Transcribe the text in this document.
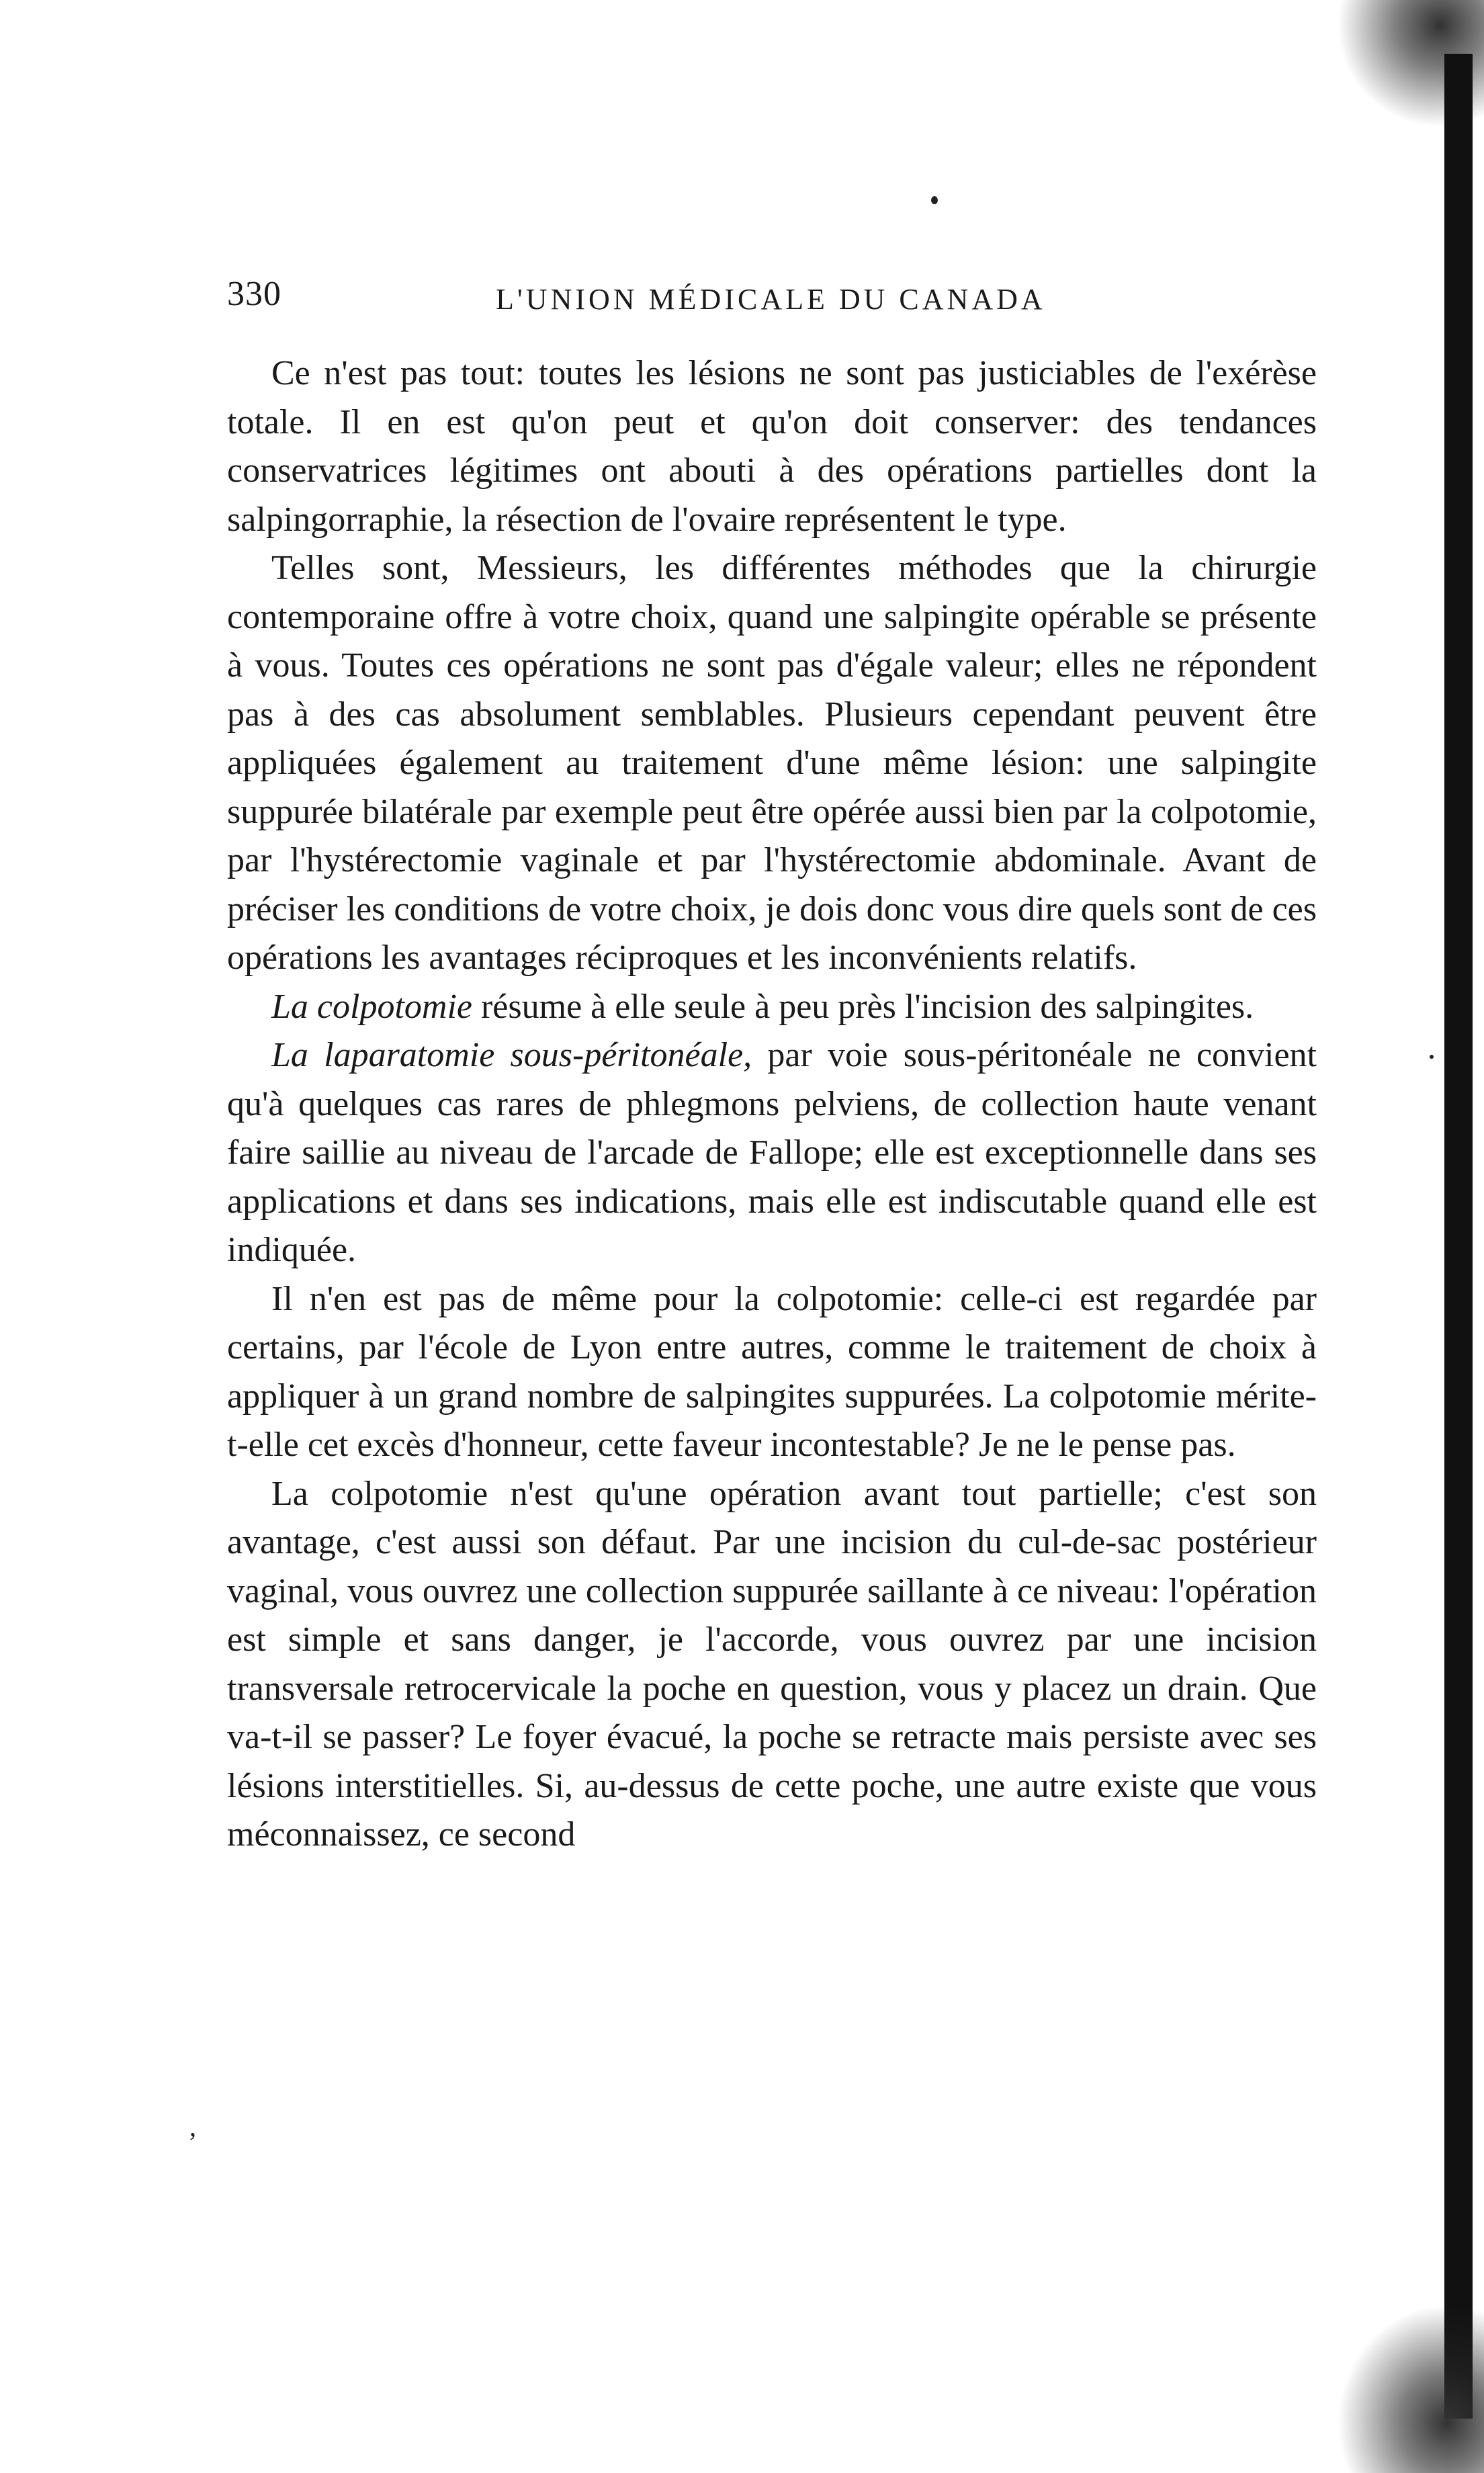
330	L'UNION MÉDICALE DU CANADA

Ce n'est pas tout: toutes les lésions ne sont pas justiciables de l'exérèse totale. Il en est qu'on peut et qu'on doit conserver: des tendances conservatrices légitimes ont abouti à des opérations partielles dont la salpingorraphie, la résection de l'ovaire représentent le type.

Telles sont, Messieurs, les différentes méthodes que la chirurgie contemporaine offre à votre choix, quand une salpingite opérable se présente à vous. Toutes ces opérations ne sont pas d'égale valeur; elles ne répondent pas à des cas absolument semblables. Plusieurs cependant peuvent être appliquées également au traitement d'une même lésion: une salpingite suppurée bilatérale par exemple peut être opérée aussi bien par la colpotomie, par l'hystérectomie vaginale et par l'hystérectomie abdominale. Avant de préciser les conditions de votre choix, je dois donc vous dire quels sont de ces opérations les avantages réciproques et les inconvénients relatifs.

La colpotomie résume à elle seule à peu près l'incision des salpingites.

La laparatomie sous-péritonéale, par voie sous-péritonéale ne convient qu'à quelques cas rares de phlegmons pelviens, de collection haute venant faire saillie au niveau de l'arcade de Fallope; elle est exceptionnelle dans ses applications et dans ses indications, mais elle est indiscutable quand elle est indiquée.

Il n'en est pas de même pour la colpotomie: celle-ci est regardée par certains, par l'école de Lyon entre autres, comme le traitement de choix à appliquer à un grand nombre de salpingites suppurées. La colpotomie mérite-t-elle cet excès d'honneur, cette faveur incontestable? Je ne le pense pas.

La colpotomie n'est qu'une opération avant tout partielle; c'est son avantage, c'est aussi son défaut. Par une incision du cul-de-sac postérieur vaginal, vous ouvrez une collection suppurée saillante à ce niveau: l'opération est simple et sans danger, je l'accorde, vous ouvrez par une incision transversale retrocervicale la poche en question, vous y placez un drain. Que va-t-il se passer? Le foyer évacué, la poche se retracte mais persiste avec ses lésions interstitielles. Si, au-dessus de cette poche, une autre existe que vous méconnaissez, ce second

ʼ
